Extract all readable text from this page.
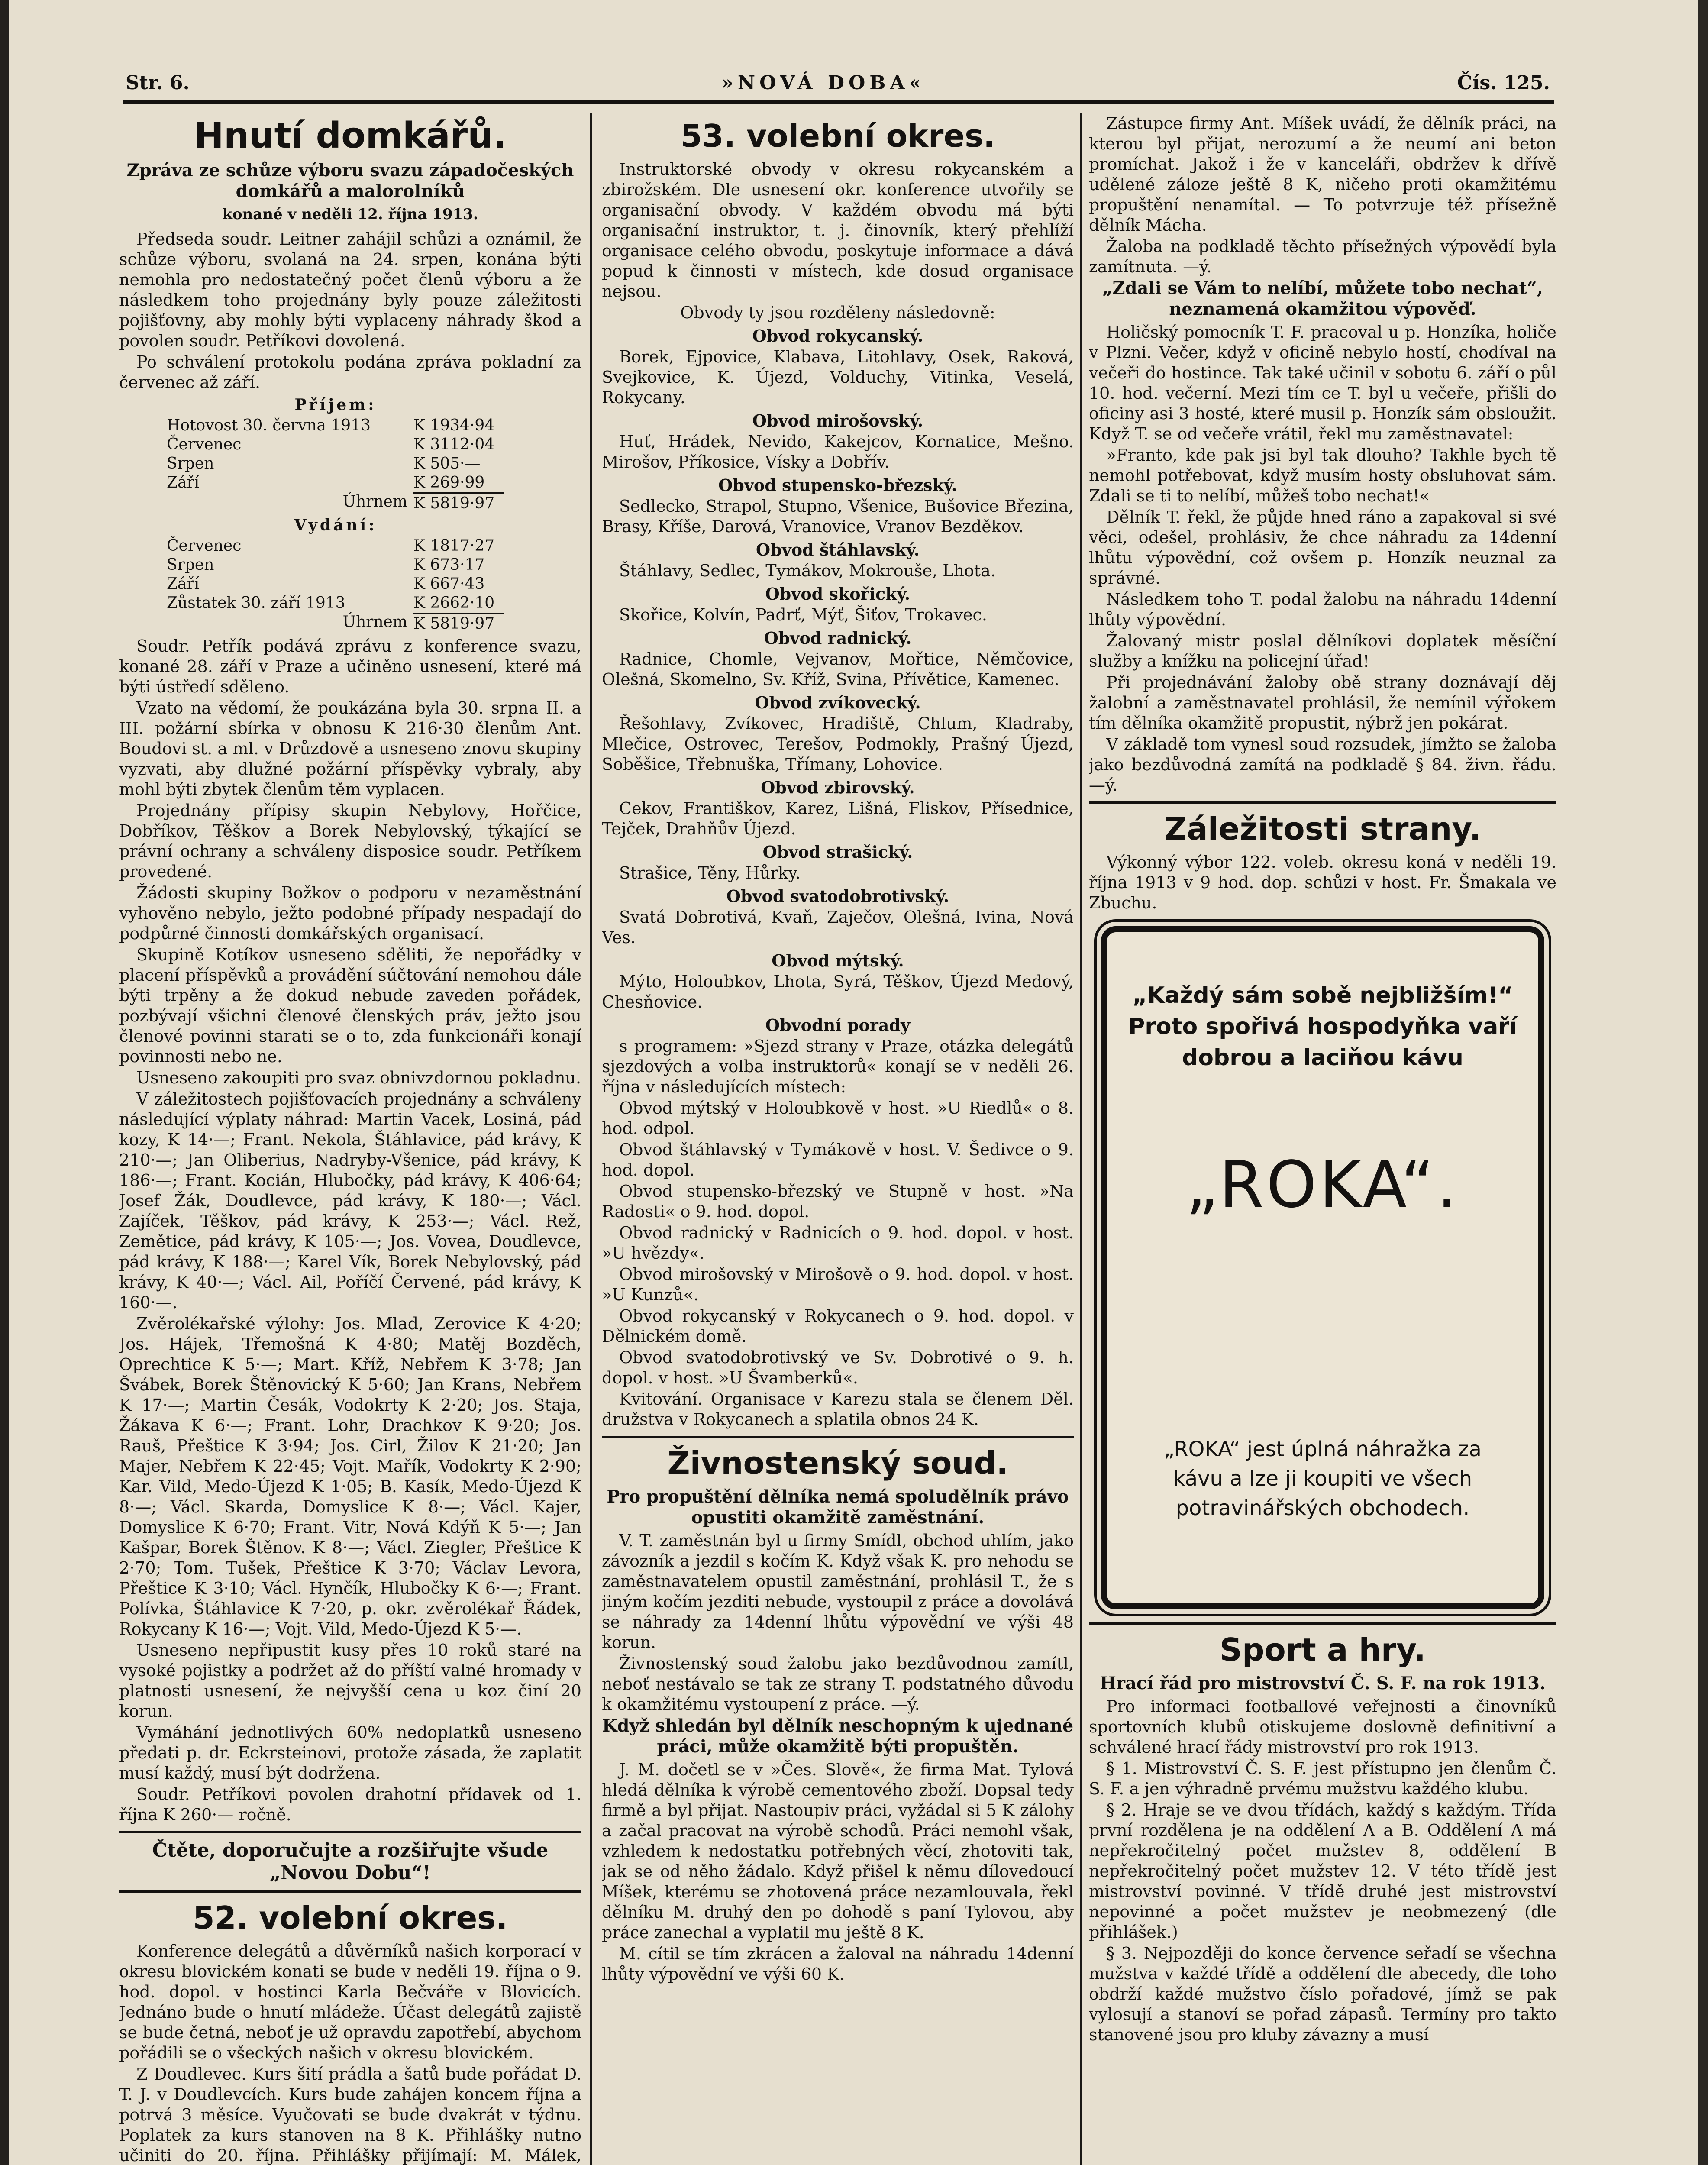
Str. 6.	»NOVÁ DOBA«	Čís. 125.
Hnutí domkářů.
Zpráva ze schůze výboru svazu západočeských domkářů a malorolníků
konané v neděli 12. října 1913.

Předseda soudr. Leitner zahájil schůzi a oznámil, že schůze výboru, svolaná na 24. srpen, konána býti nemohla pro nedostatečný počet členů výboru a že následkem toho projednány byly pouze záležitosti pojišťovny, aby mohly býti vyplaceny náhrady škod a povolen soudr. Petříkovi dovolená.

Po schválení protokolu podána zpráva pokladní za červenec až září.

Příjem:
Hotovost 30. června 1913	K 1934·94
Červenec	K 3112·04
Srpen	K 505·—
Září	K 269·99
Úhrnem K 5819·97
Vydání:
Červenec	K 1817·27
Srpen	K 673·17
Září	K 667·43
Zůstatek 30. září 1913	K 2662·10
Úhrnem K 5819·97

Soudr. Petřík podává zprávu z konference svazu, konané 28. září v Praze a učiněno usnesení, které má býti ústředí sděleno.

Vzato na vědomí, že poukázána byla 30. srpna II. a III. požární sbírka v obnosu K 216·30 členům Ant. Boudovi st. a ml. v Drůzdově a usneseno znovu skupiny vyzvati, aby dlužné požární příspěvky vybraly, aby mohl býti zbytek členům těm vyplacen.

Projednány přípisy skupin Nebylovy, Hořčice, Dobříkov, Těškov a Borek Nebylovský, týkající se právní ochrany a schváleny disposice soudr. Petříkem provedené.

Žádosti skupiny Božkov o podporu v nezaměstnání vyhověno nebylo, ježto podobné případy nespadají do podpůrné činnosti domkářských organisací.

Skupině Kotíkov usneseno sděliti, že nepořádky v placení příspěvků a provádění súčtování nemohou dále býti trpěny a že dokud nebude zaveden pořádek, pozbývají všichni členové členských práv, ježto jsou členové povinni starati se o to, zda funkcionáři konají povinnosti nebo ne.

Usneseno zakoupiti pro svaz obnivzdornou pokladnu.

V záležitostech pojišťovacích projednány a schváleny následující výplaty náhrad: Martin Vacek, Losiná, pád kozy, K 14·—; Frant. Nekola, Štáhlavice, pád krávy, K 210·—; Jan Oliberius, Nadryby-Všenice, pád krávy, K 186·—; Frant. Kocián, Hlubočky, pád krávy, K 406·64; Josef Žák, Doudlevce, pád krávy, K 180·—; Václ. Zajíček, Těškov, pád krávy, K 253·—; Václ. Rež, Zemětice, pád krávy, K 105·—; Jos. Vovea, Doudlevce, pád krávy, K 188·—; Karel Vík, Borek Nebylovský, pád krávy, K 40·—; Václ. Ail, Poříčí Červené, pád krávy, K 160·—.

Zvěrolékařské výlohy: Jos. Mlad, Zerovice K 4·20; Jos. Hájek, Třemošná K 4·80; Matěj Bozděch, Oprechtice K 5·—; Mart. Kříž, Nebřem K 3·78; Jan Švábek, Borek Štěnovický K 5·60; Jan Krans, Nebřem K 17·—; Martin Česák, Vodokrty K 2·20; Jos. Staja, Žákava K 6·—; Frant. Lohr, Drachkov K 9·20; Jos. Rauš, Přeštice K 3·94; Jos. Cirl, Žilov K 21·20; Jan Majer, Nebřem K 22·45; Vojt. Mařík, Vodokrty K 2·90; Kar. Vild, Medo-Újezd K 1·05; B. Kasík, Medo-Újezd K 8·—; Václ. Skarda, Domyslice K 8·—; Václ. Kajer, Domyslice K 6·70; Frant. Vitr, Nová Kdýň K 5·—; Jan Kašpar, Borek Štěnov. K 8·—; Václ. Ziegler, Přeštice K 2·70; Tom. Tušek, Přeštice K 3·70; Václav Levora, Přeštice K 3·10; Václ. Hynčík, Hlubočky K 6·—; Frant. Polívka, Štáhlavice K 7·20, p. okr. zvěrolékař Řádek, Rokycany K 16·—; Vojt. Vild, Medo-Újezd K 5·—.

Usneseno nepřipustit kusy přes 10 roků staré na vysoké pojistky a podržet až do příští valné hromady v platnosti usnesení, že nejvyšší cena u koz činí 20 korun.

Vymáhání jednotlivých 60% nedoplatků usneseno předati p. dr. Eckrsteinovi, protože zásada, že zaplatit musí každý, musí být dodržena.

Soudr. Petříkovi povolen drahotní přídavek od 1. října K 260·— ročně.

Čtěte, doporučujte a rozšiřujte všude „Novou Dobu“!
52. volební okres.

Konference delegátů a důvěrníků našich korporací v okresu blovickém konati se bude v neděli 19. října o 9. hod. dopol. v hostinci Karla Bečváře v Blovicích. Jednáno bude o hnutí mládeže. Účast delegátů zajistě se bude četná, neboť je už opravdu zapotřebí, abychom pořádili se o všeckých našich v okresu blovickém.

Z Doudlevec. Kurs šití prádla a šatů bude pořádat D. T. J. v Doudlevcích. Kurs bude zahájen koncem října a potrvá 3 měsíce. Vyučovati se bude dvakrát v týdnu. Poplatek za kurs stanoven na 8 K. Přihlášky nutno učiniti do 20. října. Přihlášky přijímají: M. Málek,

53. volební okres.

Instruktorské obvody v okresu rokycanském a zbirožském. Dle usnesení okr. konference utvořily se organisační obvody. V každém obvodu má býti organisační instruktor, t. j. činovník, který přehlíží organisace celého obvodu, poskytuje informace a dává popud k činnosti v místech, kde dosud organisace nejsou.

Obvody ty jsou rozděleny následovně:

Obvod rokycanský.

Borek, Ejpovice, Klabava, Litohlavy, Osek, Raková, Svejkovice, K. Újezd, Volduchy, Vitinka, Veselá, Rokycany.

Obvod mirošovský.

Huť, Hrádek, Nevido, Kakejcov, Kornatice, Mešno. Mirošov, Příkosice, Vísky a Dobřív.

Obvod stupensko-březský.

Sedlecko, Strapol, Stupno, Všenice, Bušovice Březina, Brasy, Kříše, Darová, Vranovice, Vranov Bezděkov.

Obvod štáhlavský.

Štáhlavy, Sedlec, Tymákov, Mokrouše, Lhota.

Obvod skořický.

Skořice, Kolvín, Padrť, Mýť, Šiťov, Trokavec.

Obvod radnický.

Radnice, Chomle, Vejvanov, Mořtice, Němčovice, Olešná, Skomelno, Sv. Kříž, Svina, Přívětice, Kamenec.

Obvod zvíkovecký.

Řešohlavy, Zvíkovec, Hradiště, Chlum, Kladraby, Mlečice, Ostrovec, Terešov, Podmokly, Prašný Újezd, Soběšice, Třebnuška, Třímany, Lohovice.

Obvod zbirovský.

Cekov, Františkov, Karez, Lišná, Fliskov, Přísednice, Tejček, Drahňův Újezd.

Obvod strašický.

Strašice, Těny, Hůrky.

Obvod svatodobrotivský.

Svatá Dobrotivá, Kvaň, Zaječov, Olešná, Ivina, Nová Ves.

Obvod mýtský.

Mýto, Holoubkov, Lhota, Syrá, Těškov, Újezd Medový, Chesňovice.

Obvodní porady

s programem: »Sjezd strany v Praze, otázka delegátů sjezdových a volba instruktorů« konají se v neděli 26. října v následujících místech:

Obvod mýtský v Holoubkově v host. »U Riedlů« o 8. hod. odpol.

Obvod štáhlavský v Tymákově v host. V. Šedivce o 9. hod. dopol.

Obvod stupensko-březský ve Stupně v host. »Na Radosti« o 9. hod. dopol.

Obvod radnický v Radnicích o 9. hod. dopol. v host. »U hvězdy«.

Obvod mirošovský v Mirošově o 9. hod. dopol. v host. »U Kunzů«.

Obvod rokycanský v Rokycanech o 9. hod. dopol. v Dělnickém domě.

Obvod svatodobrotivský ve Sv. Dobrotivé o 9. h. dopol. v host. »U Švamberků«.

Kvitování. Organisace v Karezu stala se členem Děl. družstva v Rokycanech a splatila obnos 24 K.

Živnostenský soud.
Pro propuštění dělníka nemá spoludělník právo opustiti okamžitě zaměstnání.

V. T. zaměstnán byl u firmy Smídl, obchod uhlím, jako závozník a jezdil s kočím K. Když však K. pro nehodu se zaměstnavatelem opustil zaměstnání, prohlásil T., že s jiným kočím jezditi nebude, vystoupil z práce a dovolává se náhrady za 14denní lhůtu výpovědní ve výši 48 korun.

Živnostenský soud žalobu jako bezdůvodnou zamítl, neboť nestávalo se tak ze strany T. podstatného důvodu k okamžitému vystoupení z práce. —ý.

Když shledán byl dělník neschopným k ujednané práci, může okamžitě býti propuštěn.

J. M. dočetl se v »Čes. Slově«, že firma Mat. Tylová hledá dělníka k výrobě cementového zboží. Dopsal tedy firmě a byl přijat. Nastoupiv práci, vyžádal si 5 K zálohy a začal pracovat na výrobě schodů. Práci nemohl však, vzhledem k nedostatku potřebných věcí, zhotoviti tak, jak se od něho žádalo. Když přišel k němu dílovedoucí Míšek, kterému se zhotovená práce nezamlouvala, řekl dělníku M. druhý den po dohodě s paní Tylovou, aby práce zanechal a vyplatil mu ještě 8 K.

M. cítil se tím zkrácen a žaloval na náhradu 14denní lhůty výpovědní ve výši 60 K.

Zástupce firmy Ant. Míšek uvádí, že dělník práci, na kterou byl přijat, nerozumí a že neumí ani beton promíchat. Jakož i že v kanceláři, obdržev k dřívě udělené záloze ještě 8 K, ničeho proti okamžitému propuštění nenamítal. — To potvrzuje též přísežně dělník Mácha.

Žaloba na podkladě těchto přísežných výpovědí byla zamítnuta. —ý.

„Zdali se Vám to nelíbí, můžete tobo nechat“, neznamená okamžitou výpověď.

Holičský pomocník T. F. pracoval u p. Honzíka, holiče v Plzni. Večer, když v oficině nebylo hostí, chodíval na večeři do hostince. Tak také učinil v sobotu 6. září o půl 10. hod. večerní. Mezi tím ce T. byl u večeře, přišli do oficiny asi 3 hosté, které musil p. Honzík sám obsloužit. Když T. se od večeře vrátil, řekl mu zaměstnavatel:

»Franto, kde pak jsi byl tak dlouho? Takhle bych tě nemohl potřebovat, když musím hosty obsluhovat sám. Zdali se ti to nelíbí, můžeš tobo nechat!«

Dělník T. řekl, že půjde hned ráno a zapakoval si své věci, odešel, prohlásiv, že chce náhradu za 14denní lhůtu výpovědní, což ovšem p. Honzík neuznal za správné.

Následkem toho T. podal žalobu na náhradu 14denní lhůty výpovědní.

Žalovaný mistr poslal dělníkovi doplatek měsíční služby a knížku na policejní úřad!

Při projednávání žaloby obě strany doznávají děj žalobní a zaměstnavatel prohlásil, že nemínil výřokem tím dělníka okamžitě propustit, nýbrž jen pokárat.

V základě tom vynesl soud rozsudek, jímžto se žaloba jako bezdůvodná zamítá na podkladě § 84. živn. řádu. —ý.

Záležitosti strany.

Výkonný výbor 122. voleb. okresu koná v neděli 19. října 1913 v 9 hod. dop. schůzi v host. Fr. Šmakala ve Zbuchu.

„Každý sám sobě nejbližším!“
Proto spořivá hospodyňka vaří
dobrou a laciňou kávu
„ROKA“.
„ROKA“ jest úplná náhražka za
kávu a lze ji koupiti ve všech
potravinářských obchodech.
Sport a hry.
Hrací řád pro mistrovství Č. S. F. na rok 1913.

Pro informaci footballové veřejnosti a činovníků sportovních klubů otiskujeme doslovně definitivní a schválené hrací řády mistrovství pro rok 1913.

§ 1. Mistrovství Č. S. F. jest přístupno jen členům Č. S. F. a jen výhradně prvému mužstvu každého klubu.

§ 2. Hraje se ve dvou třídách, každý s každým. Třída první rozdělena je na oddělení A a B. Oddělení A má nepřekročitelný počet mužstev 8, oddělení B nepřekročitelný počet mužstev 12. V této třídě jest mistrovství povinné. V třídě druhé jest mistrovství nepovinné a počet mužstev je neobmezený (dle přihlášek.)

§ 3. Nejpozději do konce července seřadí se všechna mužstva v každé třídě a oddělení dle abecedy, dle toho obdrží každé mužstvo číslo pořadové, jímž se pak vylosují a stanoví se pořad zápasů. Termíny pro takto stanovené jsou pro kluby závazny a musí
